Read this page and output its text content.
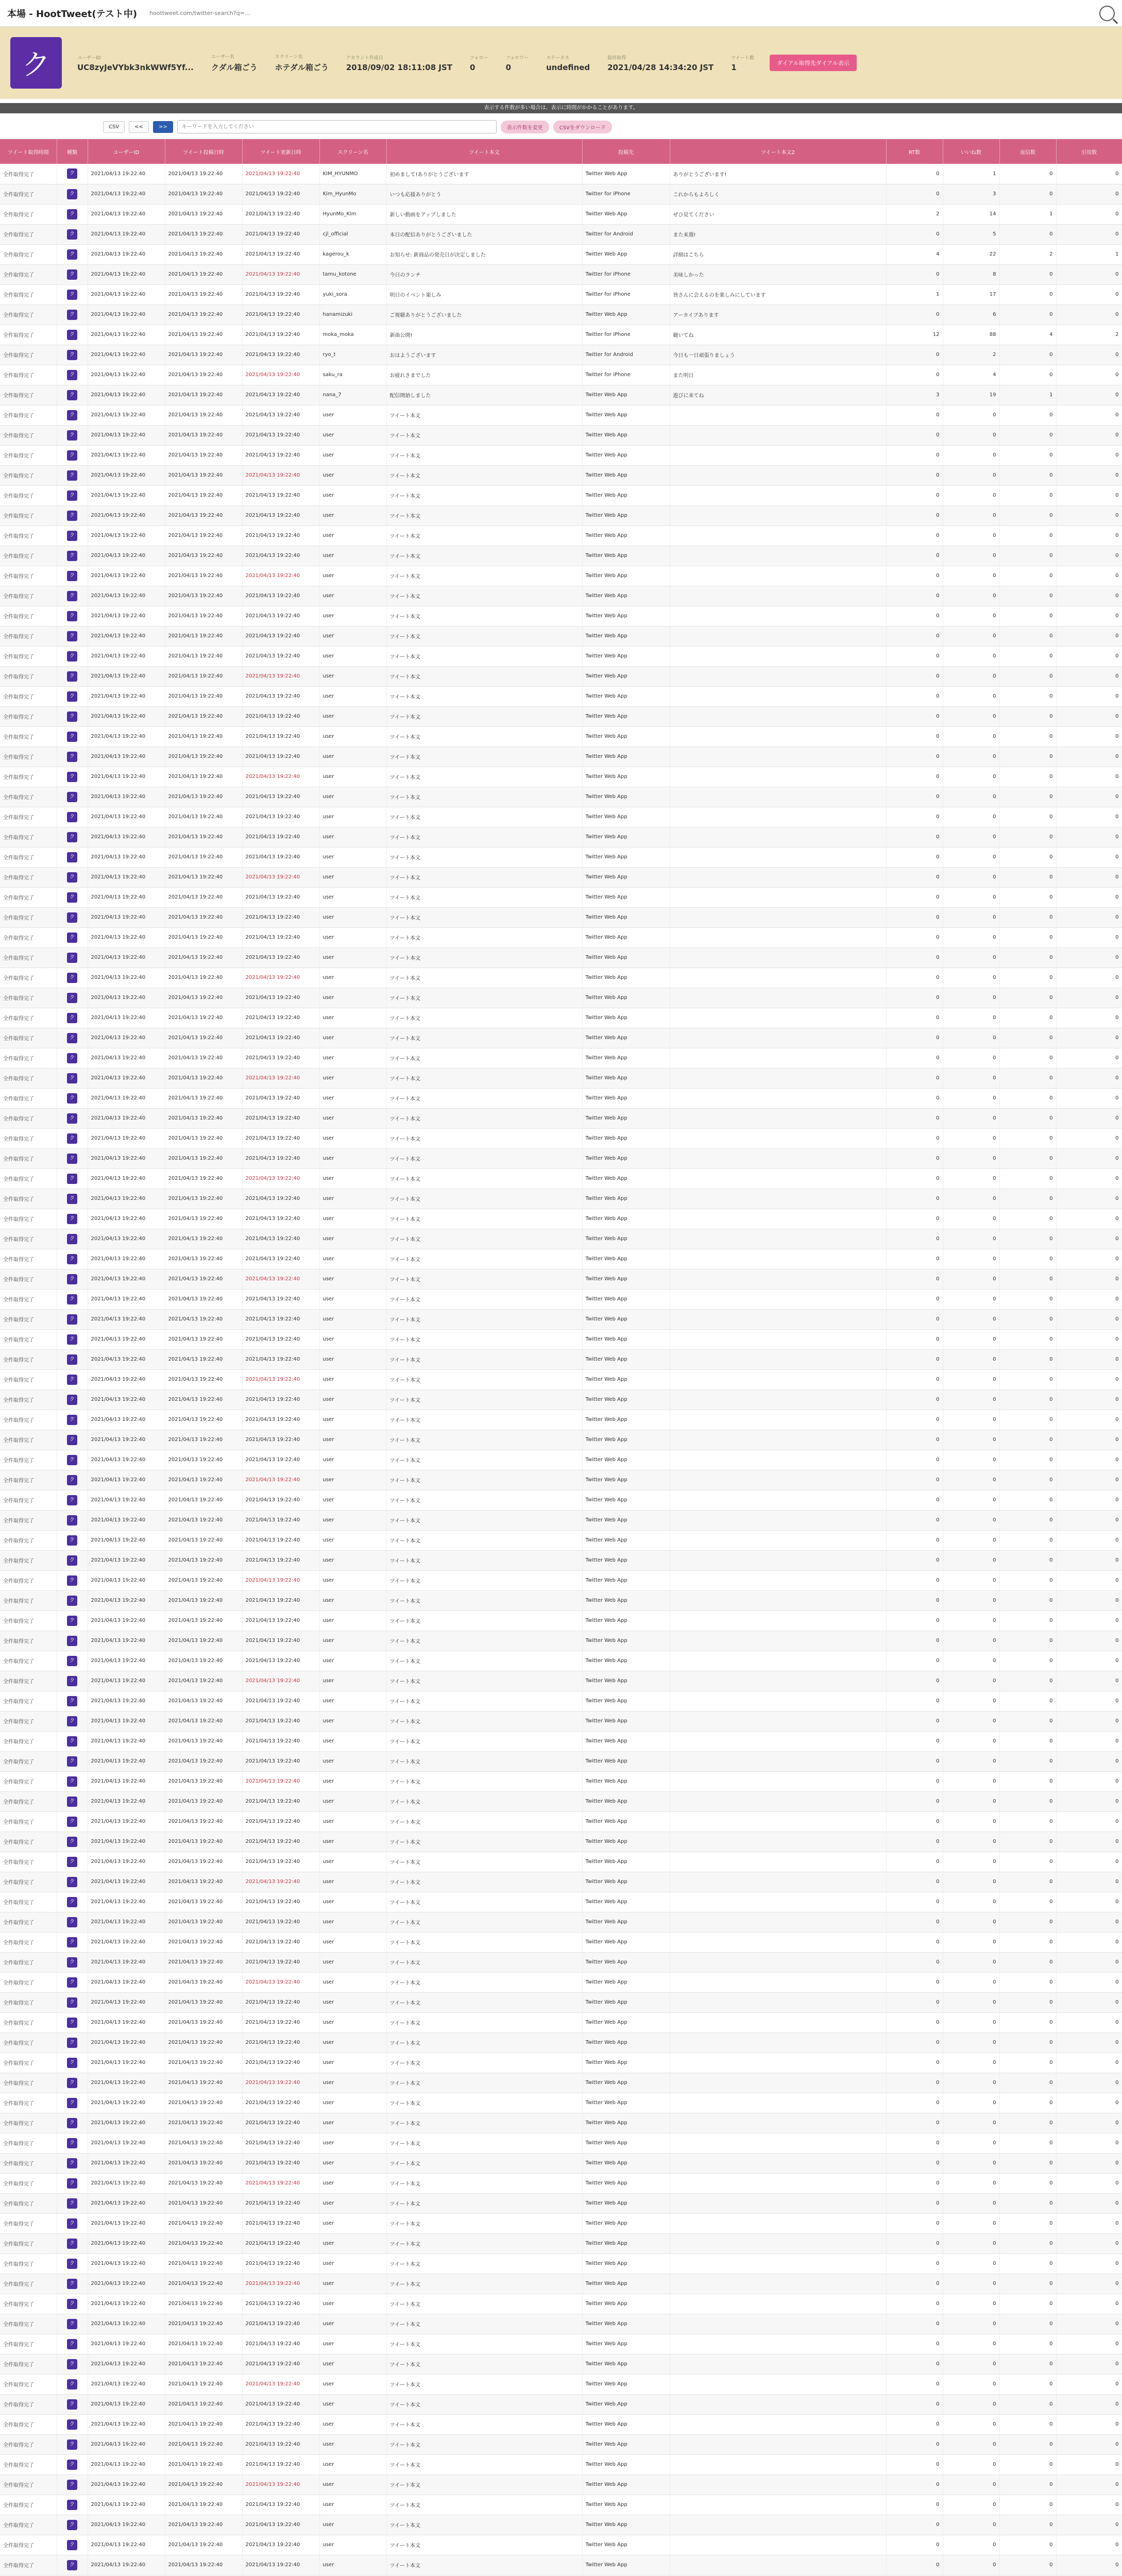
本場 - HootTweet(テスト中) hoottweet.com/twitter-search?q=...
ク	ユーザーID
UC8zyJeVYbk3nkWWf5Yf...
ユーザー名
クダル箱ごう
スクリーン名
ホテダル箱ごう
アカウント作成日
2018/09/02 18:11:08 JST
フォロー
0
フォロワー
0
ステータス
undefined
最終取得
2021/04/28 14:34:20 JST
ツイート数
1	ダイアル取得先ダイアル表示
表示する件数が多い場合は、表示に時間がかかることがあります。
CSV	<<	>>
キーワードを入力してください	表示件数を変更	CSVをダウンロード
ツイート取得時間	種類	ユーザーID	ツイート投稿日時	ツイート更新日時	スクリーン名	ツイート本文	投稿先	ツイート本文2	RT数	いいね数	返信数	引用数
全件取得完了	ク	2021/04/13 19:22:40	2021/04/13 19:22:40	2021/04/13 19:22:40	KIM_HYUNMO	初めまして!ありがとうございます	Twitter Web App	ありがとうございます!	0	1	0	0
全件取得完了	ク	2021/04/13 19:22:40	2021/04/13 19:22:40	2021/04/13 19:22:40	Kim_HyunMo	いつも応援ありがとう	Twitter for iPhone	これからもよろしく	0	3	0	0
全件取得完了	ク	2021/04/13 19:22:40	2021/04/13 19:22:40	2021/04/13 19:22:40	HyunMo_Kim	新しい動画をアップしました	Twitter Web App	ぜひ見てください	2	14	1	0
全件取得完了	ク	2021/04/13 19:22:40	2021/04/13 19:22:40	2021/04/13 19:22:40	cjl_official	本日の配信ありがとうございました	Twitter for Android	また来週!	0	5	0	0
全件取得完了	ク	2021/04/13 19:22:40	2021/04/13 19:22:40	2021/04/13 19:22:40	kagerou_k	お知らせ: 新商品の発売日が決定しました	Twitter Web App	詳細はこちら	4	22	2	1
全件取得完了	ク	2021/04/13 19:22:40	2021/04/13 19:22:40	2021/04/13 19:22:40	tamu_kotone	今日のランチ	Twitter for iPhone	美味しかった	0	8	0	0
全件取得完了	ク	2021/04/13 19:22:40	2021/04/13 19:22:40	2021/04/13 19:22:40	yuki_sora	明日のイベント楽しみ	Twitter for iPhone	皆さんに会えるのを楽しみにしています	1	17	0	0
全件取得完了	ク	2021/04/13 19:22:40	2021/04/13 19:22:40	2021/04/13 19:22:40	hanamizuki	ご視聴ありがとうございました	Twitter Web App	アーカイブあります	0	6	0	0
全件取得完了	ク	2021/04/13 19:22:40	2021/04/13 19:22:40	2021/04/13 19:22:40	moka_moka	新曲公開!	Twitter for iPhone	聴いてね	12	88	4	2
全件取得完了	ク	2021/04/13 19:22:40	2021/04/13 19:22:40	2021/04/13 19:22:40	ryo_t	おはようございます	Twitter for Android	今日も一日頑張りましょう	0	2	0	0
全件取得完了	ク	2021/04/13 19:22:40	2021/04/13 19:22:40	2021/04/13 19:22:40	saku_ra	お疲れさまでした	Twitter for iPhone	また明日	0	4	0	0
全件取得完了	ク	2021/04/13 19:22:40	2021/04/13 19:22:40	2021/04/13 19:22:40	nana_7	配信開始しました	Twitter Web App	遊びに来てね	3	19	1	0
全件取得完了	ク	2021/04/13 19:22:40	2021/04/13 19:22:40	2021/04/13 19:22:40	user	ツイート本文	Twitter Web App		0	0	0	0
全件取得完了	ク	2021/04/13 19:22:40	2021/04/13 19:22:40	2021/04/13 19:22:40	user	ツイート本文	Twitter Web App		0	0	0	0
全件取得完了	ク	2021/04/13 19:22:40	2021/04/13 19:22:40	2021/04/13 19:22:40	user	ツイート本文	Twitter Web App		0	0	0	0
全件取得完了	ク	2021/04/13 19:22:40	2021/04/13 19:22:40	2021/04/13 19:22:40	user	ツイート本文	Twitter Web App		0	0	0	0
全件取得完了	ク	2021/04/13 19:22:40	2021/04/13 19:22:40	2021/04/13 19:22:40	user	ツイート本文	Twitter Web App		0	0	0	0
全件取得完了	ク	2021/04/13 19:22:40	2021/04/13 19:22:40	2021/04/13 19:22:40	user	ツイート本文	Twitter Web App		0	0	0	0
全件取得完了	ク	2021/04/13 19:22:40	2021/04/13 19:22:40	2021/04/13 19:22:40	user	ツイート本文	Twitter Web App		0	0	0	0
全件取得完了	ク	2021/04/13 19:22:40	2021/04/13 19:22:40	2021/04/13 19:22:40	user	ツイート本文	Twitter Web App		0	0	0	0
全件取得完了	ク	2021/04/13 19:22:40	2021/04/13 19:22:40	2021/04/13 19:22:40	user	ツイート本文	Twitter Web App		0	0	0	0
全件取得完了	ク	2021/04/13 19:22:40	2021/04/13 19:22:40	2021/04/13 19:22:40	user	ツイート本文	Twitter Web App		0	0	0	0
全件取得完了	ク	2021/04/13 19:22:40	2021/04/13 19:22:40	2021/04/13 19:22:40	user	ツイート本文	Twitter Web App		0	0	0	0
全件取得完了	ク	2021/04/13 19:22:40	2021/04/13 19:22:40	2021/04/13 19:22:40	user	ツイート本文	Twitter Web App		0	0	0	0
全件取得完了	ク	2021/04/13 19:22:40	2021/04/13 19:22:40	2021/04/13 19:22:40	user	ツイート本文	Twitter Web App		0	0	0	0
全件取得完了	ク	2021/04/13 19:22:40	2021/04/13 19:22:40	2021/04/13 19:22:40	user	ツイート本文	Twitter Web App		0	0	0	0
全件取得完了	ク	2021/04/13 19:22:40	2021/04/13 19:22:40	2021/04/13 19:22:40	user	ツイート本文	Twitter Web App		0	0	0	0
全件取得完了	ク	2021/04/13 19:22:40	2021/04/13 19:22:40	2021/04/13 19:22:40	user	ツイート本文	Twitter Web App		0	0	0	0
全件取得完了	ク	2021/04/13 19:22:40	2021/04/13 19:22:40	2021/04/13 19:22:40	user	ツイート本文	Twitter Web App		0	0	0	0
全件取得完了	ク	2021/04/13 19:22:40	2021/04/13 19:22:40	2021/04/13 19:22:40	user	ツイート本文	Twitter Web App		0	0	0	0
全件取得完了	ク	2021/04/13 19:22:40	2021/04/13 19:22:40	2021/04/13 19:22:40	user	ツイート本文	Twitter Web App		0	0	0	0
全件取得完了	ク	2021/04/13 19:22:40	2021/04/13 19:22:40	2021/04/13 19:22:40	user	ツイート本文	Twitter Web App		0	0	0	0
全件取得完了	ク	2021/04/13 19:22:40	2021/04/13 19:22:40	2021/04/13 19:22:40	user	ツイート本文	Twitter Web App		0	0	0	0
全件取得完了	ク	2021/04/13 19:22:40	2021/04/13 19:22:40	2021/04/13 19:22:40	user	ツイート本文	Twitter Web App		0	0	0	0
全件取得完了	ク	2021/04/13 19:22:40	2021/04/13 19:22:40	2021/04/13 19:22:40	user	ツイート本文	Twitter Web App		0	0	0	0
全件取得完了	ク	2021/04/13 19:22:40	2021/04/13 19:22:40	2021/04/13 19:22:40	user	ツイート本文	Twitter Web App		0	0	0	0
全件取得完了	ク	2021/04/13 19:22:40	2021/04/13 19:22:40	2021/04/13 19:22:40	user	ツイート本文	Twitter Web App		0	0	0	0
全件取得完了	ク	2021/04/13 19:22:40	2021/04/13 19:22:40	2021/04/13 19:22:40	user	ツイート本文	Twitter Web App		0	0	0	0
全件取得完了	ク	2021/04/13 19:22:40	2021/04/13 19:22:40	2021/04/13 19:22:40	user	ツイート本文	Twitter Web App		0	0	0	0
全件取得完了	ク	2021/04/13 19:22:40	2021/04/13 19:22:40	2021/04/13 19:22:40	user	ツイート本文	Twitter Web App		0	0	0	0
全件取得完了	ク	2021/04/13 19:22:40	2021/04/13 19:22:40	2021/04/13 19:22:40	user	ツイート本文	Twitter Web App		0	0	0	0
全件取得完了	ク	2021/04/13 19:22:40	2021/04/13 19:22:40	2021/04/13 19:22:40	user	ツイート本文	Twitter Web App		0	0	0	0
全件取得完了	ク	2021/04/13 19:22:40	2021/04/13 19:22:40	2021/04/13 19:22:40	user	ツイート本文	Twitter Web App		0	0	0	0
全件取得完了	ク	2021/04/13 19:22:40	2021/04/13 19:22:40	2021/04/13 19:22:40	user	ツイート本文	Twitter Web App		0	0	0	0
全件取得完了	ク	2021/04/13 19:22:40	2021/04/13 19:22:40	2021/04/13 19:22:40	user	ツイート本文	Twitter Web App		0	0	0	0
全件取得完了	ク	2021/04/13 19:22:40	2021/04/13 19:22:40	2021/04/13 19:22:40	user	ツイート本文	Twitter Web App		0	0	0	0
全件取得完了	ク	2021/04/13 19:22:40	2021/04/13 19:22:40	2021/04/13 19:22:40	user	ツイート本文	Twitter Web App		0	0	0	0
全件取得完了	ク	2021/04/13 19:22:40	2021/04/13 19:22:40	2021/04/13 19:22:40	user	ツイート本文	Twitter Web App		0	0	0	0
全件取得完了	ク	2021/04/13 19:22:40	2021/04/13 19:22:40	2021/04/13 19:22:40	user	ツイート本文	Twitter Web App		0	0	0	0
全件取得完了	ク	2021/04/13 19:22:40	2021/04/13 19:22:40	2021/04/13 19:22:40	user	ツイート本文	Twitter Web App		0	0	0	0
全件取得完了	ク	2021/04/13 19:22:40	2021/04/13 19:22:40	2021/04/13 19:22:40	user	ツイート本文	Twitter Web App		0	0	0	0
全件取得完了	ク	2021/04/13 19:22:40	2021/04/13 19:22:40	2021/04/13 19:22:40	user	ツイート本文	Twitter Web App		0	0	0	0
全件取得完了	ク	2021/04/13 19:22:40	2021/04/13 19:22:40	2021/04/13 19:22:40	user	ツイート本文	Twitter Web App		0	0	0	0
全件取得完了	ク	2021/04/13 19:22:40	2021/04/13 19:22:40	2021/04/13 19:22:40	user	ツイート本文	Twitter Web App		0	0	0	0
全件取得完了	ク	2021/04/13 19:22:40	2021/04/13 19:22:40	2021/04/13 19:22:40	user	ツイート本文	Twitter Web App		0	0	0	0
全件取得完了	ク	2021/04/13 19:22:40	2021/04/13 19:22:40	2021/04/13 19:22:40	user	ツイート本文	Twitter Web App		0	0	0	0
全件取得完了	ク	2021/04/13 19:22:40	2021/04/13 19:22:40	2021/04/13 19:22:40	user	ツイート本文	Twitter Web App		0	0	0	0
全件取得完了	ク	2021/04/13 19:22:40	2021/04/13 19:22:40	2021/04/13 19:22:40	user	ツイート本文	Twitter Web App		0	0	0	0
全件取得完了	ク	2021/04/13 19:22:40	2021/04/13 19:22:40	2021/04/13 19:22:40	user	ツイート本文	Twitter Web App		0	0	0	0
全件取得完了	ク	2021/04/13 19:22:40	2021/04/13 19:22:40	2021/04/13 19:22:40	user	ツイート本文	Twitter Web App		0	0	0	0
全件取得完了	ク	2021/04/13 19:22:40	2021/04/13 19:22:40	2021/04/13 19:22:40	user	ツイート本文	Twitter Web App		0	0	0	0
全件取得完了	ク	2021/04/13 19:22:40	2021/04/13 19:22:40	2021/04/13 19:22:40	user	ツイート本文	Twitter Web App		0	0	0	0
全件取得完了	ク	2021/04/13 19:22:40	2021/04/13 19:22:40	2021/04/13 19:22:40	user	ツイート本文	Twitter Web App		0	0	0	0
全件取得完了	ク	2021/04/13 19:22:40	2021/04/13 19:22:40	2021/04/13 19:22:40	user	ツイート本文	Twitter Web App		0	0	0	0
全件取得完了	ク	2021/04/13 19:22:40	2021/04/13 19:22:40	2021/04/13 19:22:40	user	ツイート本文	Twitter Web App		0	0	0	0
全件取得完了	ク	2021/04/13 19:22:40	2021/04/13 19:22:40	2021/04/13 19:22:40	user	ツイート本文	Twitter Web App		0	0	0	0
全件取得完了	ク	2021/04/13 19:22:40	2021/04/13 19:22:40	2021/04/13 19:22:40	user	ツイート本文	Twitter Web App		0	0	0	0
全件取得完了	ク	2021/04/13 19:22:40	2021/04/13 19:22:40	2021/04/13 19:22:40	user	ツイート本文	Twitter Web App		0	0	0	0
全件取得完了	ク	2021/04/13 19:22:40	2021/04/13 19:22:40	2021/04/13 19:22:40	user	ツイート本文	Twitter Web App		0	0	0	0
全件取得完了	ク	2021/04/13 19:22:40	2021/04/13 19:22:40	2021/04/13 19:22:40	user	ツイート本文	Twitter Web App		0	0	0	0
全件取得完了	ク	2021/04/13 19:22:40	2021/04/13 19:22:40	2021/04/13 19:22:40	user	ツイート本文	Twitter Web App		0	0	0	0
全件取得完了	ク	2021/04/13 19:22:40	2021/04/13 19:22:40	2021/04/13 19:22:40	user	ツイート本文	Twitter Web App		0	0	0	0
全件取得完了	ク	2021/04/13 19:22:40	2021/04/13 19:22:40	2021/04/13 19:22:40	user	ツイート本文	Twitter Web App		0	0	0	0
全件取得完了	ク	2021/04/13 19:22:40	2021/04/13 19:22:40	2021/04/13 19:22:40	user	ツイート本文	Twitter Web App		0	0	0	0
全件取得完了	ク	2021/04/13 19:22:40	2021/04/13 19:22:40	2021/04/13 19:22:40	user	ツイート本文	Twitter Web App		0	0	0	0
全件取得完了	ク	2021/04/13 19:22:40	2021/04/13 19:22:40	2021/04/13 19:22:40	user	ツイート本文	Twitter Web App		0	0	0	0
全件取得完了	ク	2021/04/13 19:22:40	2021/04/13 19:22:40	2021/04/13 19:22:40	user	ツイート本文	Twitter Web App		0	0	0	0
全件取得完了	ク	2021/04/13 19:22:40	2021/04/13 19:22:40	2021/04/13 19:22:40	user	ツイート本文	Twitter Web App		0	0	0	0
全件取得完了	ク	2021/04/13 19:22:40	2021/04/13 19:22:40	2021/04/13 19:22:40	user	ツイート本文	Twitter Web App		0	0	0	0
全件取得完了	ク	2021/04/13 19:22:40	2021/04/13 19:22:40	2021/04/13 19:22:40	user	ツイート本文	Twitter Web App		0	0	0	0
全件取得完了	ク	2021/04/13 19:22:40	2021/04/13 19:22:40	2021/04/13 19:22:40	user	ツイート本文	Twitter Web App		0	0	0	0
全件取得完了	ク	2021/04/13 19:22:40	2021/04/13 19:22:40	2021/04/13 19:22:40	user	ツイート本文	Twitter Web App		0	0	0	0
全件取得完了	ク	2021/04/13 19:22:40	2021/04/13 19:22:40	2021/04/13 19:22:40	user	ツイート本文	Twitter Web App		0	0	0	0
全件取得完了	ク	2021/04/13 19:22:40	2021/04/13 19:22:40	2021/04/13 19:22:40	user	ツイート本文	Twitter Web App		0	0	0	0
全件取得完了	ク	2021/04/13 19:22:40	2021/04/13 19:22:40	2021/04/13 19:22:40	user	ツイート本文	Twitter Web App		0	0	0	0
全件取得完了	ク	2021/04/13 19:22:40	2021/04/13 19:22:40	2021/04/13 19:22:40	user	ツイート本文	Twitter Web App		0	0	0	0
全件取得完了	ク	2021/04/13 19:22:40	2021/04/13 19:22:40	2021/04/13 19:22:40	user	ツイート本文	Twitter Web App		0	0	0	0
全件取得完了	ク	2021/04/13 19:22:40	2021/04/13 19:22:40	2021/04/13 19:22:40	user	ツイート本文	Twitter Web App		0	0	0	0
全件取得完了	ク	2021/04/13 19:22:40	2021/04/13 19:22:40	2021/04/13 19:22:40	user	ツイート本文	Twitter Web App		0	0	0	0
全件取得完了	ク	2021/04/13 19:22:40	2021/04/13 19:22:40	2021/04/13 19:22:40	user	ツイート本文	Twitter Web App		0	0	0	0
全件取得完了	ク	2021/04/13 19:22:40	2021/04/13 19:22:40	2021/04/13 19:22:40	user	ツイート本文	Twitter Web App		0	0	0	0
全件取得完了	ク	2021/04/13 19:22:40	2021/04/13 19:22:40	2021/04/13 19:22:40	user	ツイート本文	Twitter Web App		0	0	0	0
全件取得完了	ク	2021/04/13 19:22:40	2021/04/13 19:22:40	2021/04/13 19:22:40	user	ツイート本文	Twitter Web App		0	0	0	0
全件取得完了	ク	2021/04/13 19:22:40	2021/04/13 19:22:40	2021/04/13 19:22:40	user	ツイート本文	Twitter Web App		0	0	0	0
全件取得完了	ク	2021/04/13 19:22:40	2021/04/13 19:22:40	2021/04/13 19:22:40	user	ツイート本文	Twitter Web App		0	0	0	0
全件取得完了	ク	2021/04/13 19:22:40	2021/04/13 19:22:40	2021/04/13 19:22:40	user	ツイート本文	Twitter Web App		0	0	0	0
全件取得完了	ク	2021/04/13 19:22:40	2021/04/13 19:22:40	2021/04/13 19:22:40	user	ツイート本文	Twitter Web App		0	0	0	0
全件取得完了	ク	2021/04/13 19:22:40	2021/04/13 19:22:40	2021/04/13 19:22:40	user	ツイート本文	Twitter Web App		0	0	0	0
全件取得完了	ク	2021/04/13 19:22:40	2021/04/13 19:22:40	2021/04/13 19:22:40	user	ツイート本文	Twitter Web App		0	0	0	0
全件取得完了	ク	2021/04/13 19:22:40	2021/04/13 19:22:40	2021/04/13 19:22:40	user	ツイート本文	Twitter Web App		0	0	0	0
全件取得完了	ク	2021/04/13 19:22:40	2021/04/13 19:22:40	2021/04/13 19:22:40	user	ツイート本文	Twitter Web App		0	0	0	0
全件取得完了	ク	2021/04/13 19:22:40	2021/04/13 19:22:40	2021/04/13 19:22:40	user	ツイート本文	Twitter Web App		0	0	0	0
全件取得完了	ク	2021/04/13 19:22:40	2021/04/13 19:22:40	2021/04/13 19:22:40	user	ツイート本文	Twitter Web App		0	0	0	0
全件取得完了	ク	2021/04/13 19:22:40	2021/04/13 19:22:40	2021/04/13 19:22:40	user	ツイート本文	Twitter Web App		0	0	0	0
全件取得完了	ク	2021/04/13 19:22:40	2021/04/13 19:22:40	2021/04/13 19:22:40	user	ツイート本文	Twitter Web App		0	0	0	0
全件取得完了	ク	2021/04/13 19:22:40	2021/04/13 19:22:40	2021/04/13 19:22:40	user	ツイート本文	Twitter Web App		0	0	0	0
全件取得完了	ク	2021/04/13 19:22:40	2021/04/13 19:22:40	2021/04/13 19:22:40	user	ツイート本文	Twitter Web App		0	0	0	0
全件取得完了	ク	2021/04/13 19:22:40	2021/04/13 19:22:40	2021/04/13 19:22:40	user	ツイート本文	Twitter Web App		0	0	0	0
全件取得完了	ク	2021/04/13 19:22:40	2021/04/13 19:22:40	2021/04/13 19:22:40	user	ツイート本文	Twitter Web App		0	0	0	0
全件取得完了	ク	2021/04/13 19:22:40	2021/04/13 19:22:40	2021/04/13 19:22:40	user	ツイート本文	Twitter Web App		0	0	0	0
全件取得完了	ク	2021/04/13 19:22:40	2021/04/13 19:22:40	2021/04/13 19:22:40	user	ツイート本文	Twitter Web App		0	0	0	0
全件取得完了	ク	2021/04/13 19:22:40	2021/04/13 19:22:40	2021/04/13 19:22:40	user	ツイート本文	Twitter Web App		0	0	0	0
全件取得完了	ク	2021/04/13 19:22:40	2021/04/13 19:22:40	2021/04/13 19:22:40	user	ツイート本文	Twitter Web App		0	0	0	0
全件取得完了	ク	2021/04/13 19:22:40	2021/04/13 19:22:40	2021/04/13 19:22:40	user	ツイート本文	Twitter Web App		0	0	0	0
全件取得完了	ク	2021/04/13 19:22:40	2021/04/13 19:22:40	2021/04/13 19:22:40	user	ツイート本文	Twitter Web App		0	0	0	0
全件取得完了	ク	2021/04/13 19:22:40	2021/04/13 19:22:40	2021/04/13 19:22:40	user	ツイート本文	Twitter Web App		0	0	0	0
全件取得完了	ク	2021/04/13 19:22:40	2021/04/13 19:22:40	2021/04/13 19:22:40	user	ツイート本文	Twitter Web App		0	0	0	0
全件取得完了	ク	2021/04/13 19:22:40	2021/04/13 19:22:40	2021/04/13 19:22:40	user	ツイート本文	Twitter Web App		0	0	0	0
全件取得完了	ク	2021/04/13 19:22:40	2021/04/13 19:22:40	2021/04/13 19:22:40	user	ツイート本文	Twitter Web App		0	0	0	0
全件取得完了	ク	2021/04/13 19:22:40	2021/04/13 19:22:40	2021/04/13 19:22:40	user	ツイート本文	Twitter Web App		0	0	0	0
